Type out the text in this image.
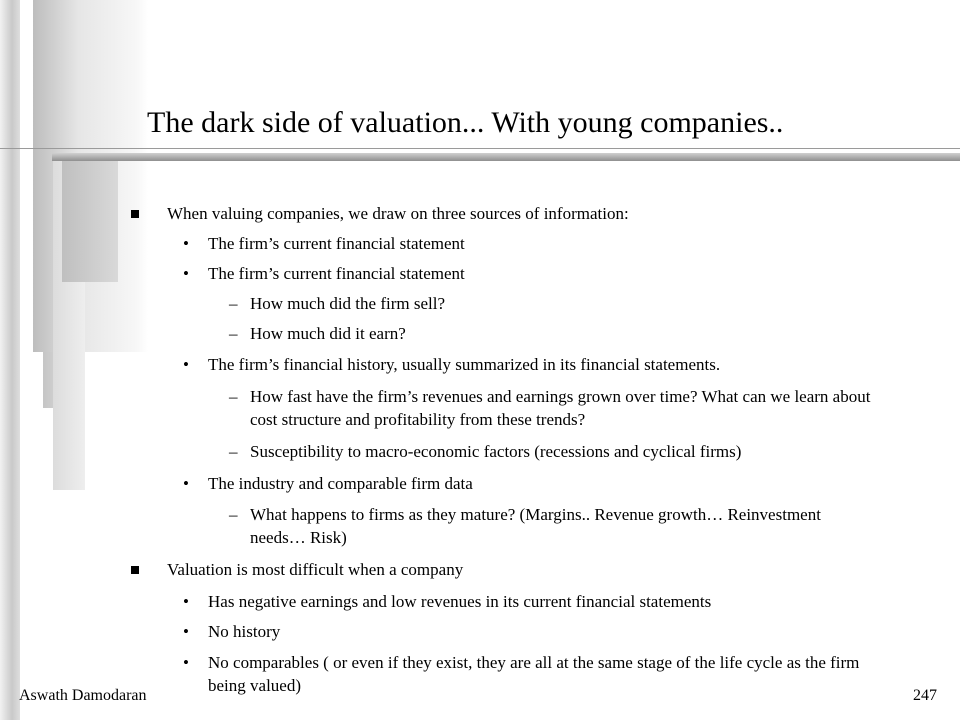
The dark side of valuation... With young companies..
When valuing companies, we draw on three sources of information:
• The firm’s current financial statement
• The firm’s current financial statement
– How much did the firm sell?
– How much did it earn?
• The firm’s financial history, usually summarized in its financial statements.
– How fast have the firm’s revenues and earnings grown over time? What can we learn about cost structure and profitability from these trends?
– Susceptibility to macro-economic factors (recessions and cyclical firms)
• The industry and comparable firm data
– What happens to firms as they mature? (Margins.. Revenue growth… Reinvestment needs… Risk)
Valuation is most difficult when a company
• Has negative earnings and low revenues in its current financial statements
• No history
• No comparables ( or even if they exist, they are all at the same stage of the life cycle as the firm being valued)
Aswath Damodaran	247
